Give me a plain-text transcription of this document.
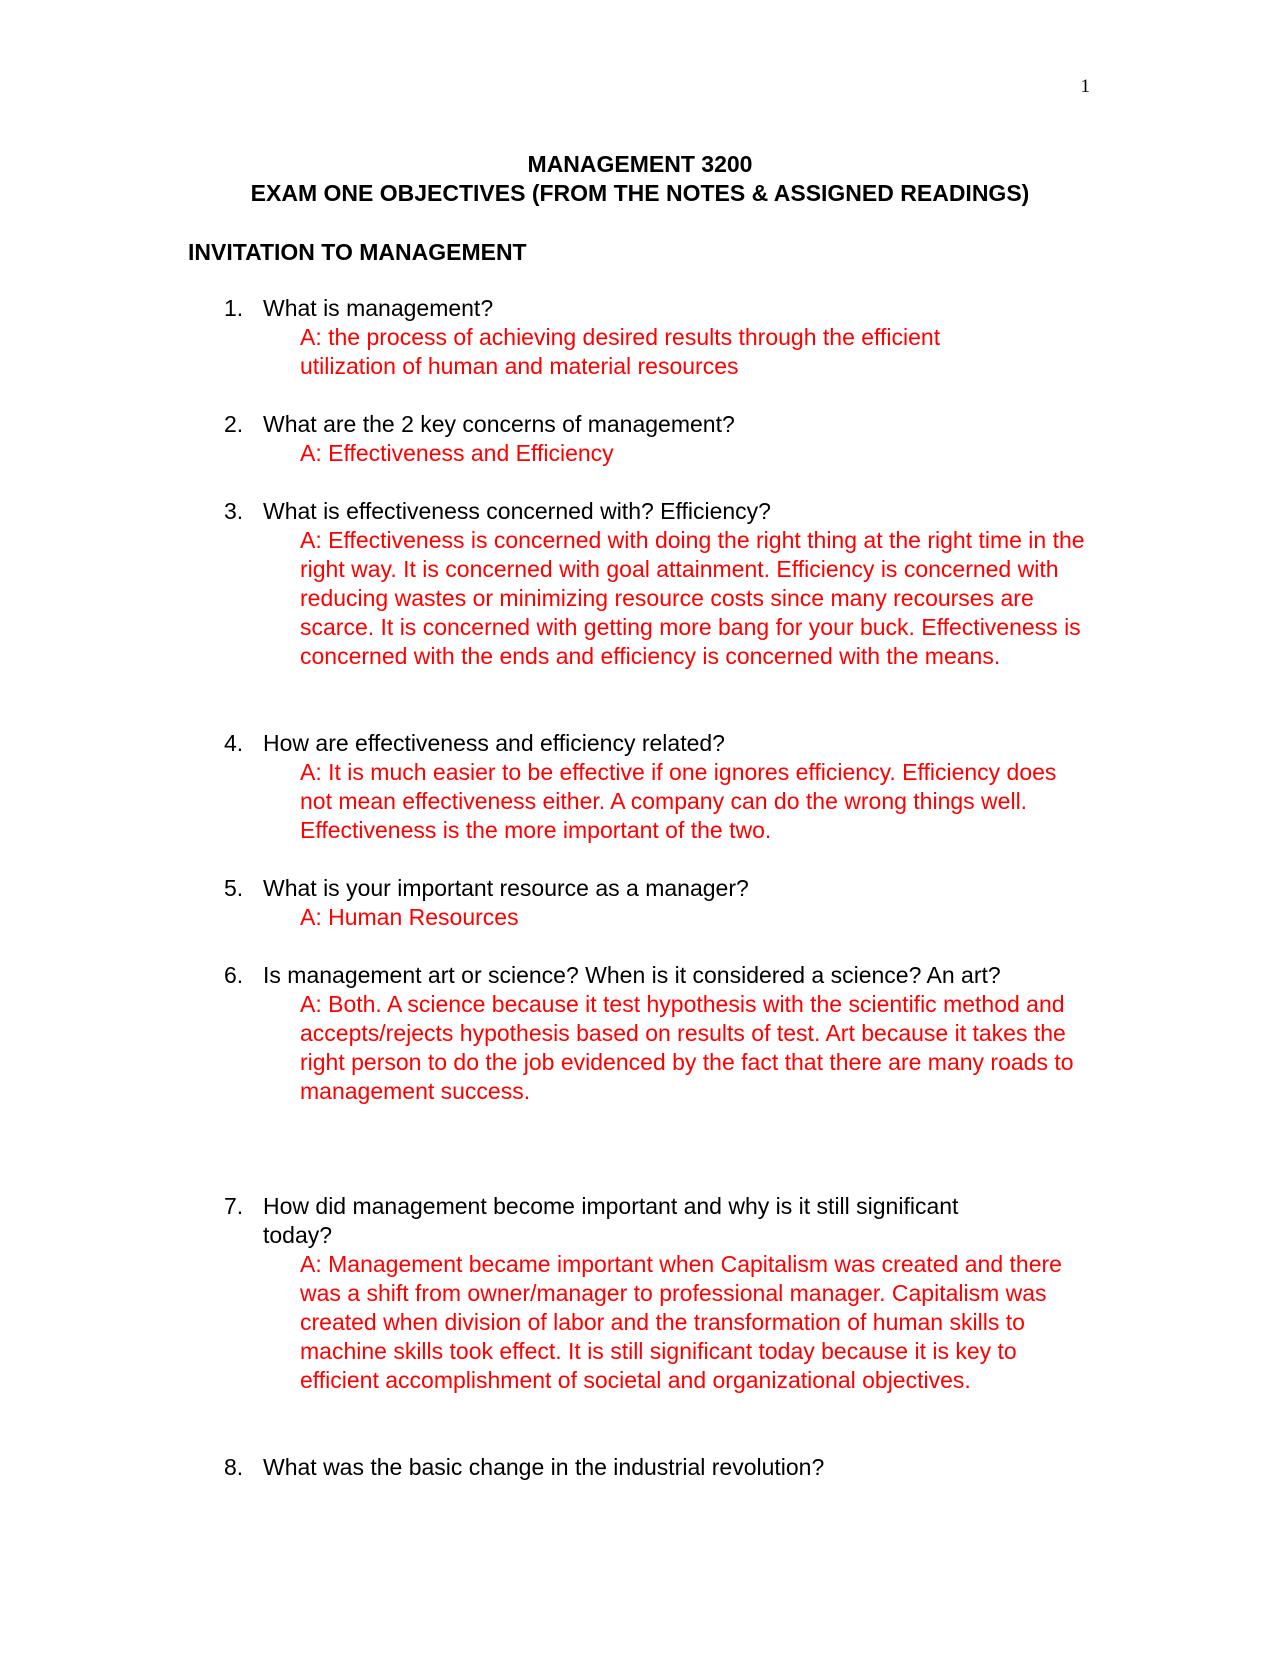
1
MANAGEMENT 3200
EXAM ONE OBJECTIVES (FROM THE NOTES & ASSIGNED READINGS)
INVITATION TO MANAGEMENT
1. What is management?
A: the process of achieving desired results through the efficient utilization of human and material resources
2. What are the 2 key concerns of management?
A: Effectiveness and Efficiency
3. What is effectiveness concerned with? Efficiency?
A: Effectiveness is concerned with doing the right thing at the right time in the right way. It is concerned with goal attainment. Efficiency is concerned with reducing wastes or minimizing resource costs since many recourses are scarce. It is concerned with getting more bang for your buck. Effectiveness is concerned with the ends and efficiency is concerned with the means.
4. How are effectiveness and efficiency related?
A: It is much easier to be effective if one ignores efficiency. Efficiency does not mean effectiveness either. A company can do the wrong things well. Effectiveness is the more important of the two.
5. What is your important resource as a manager?
A: Human Resources
6. Is management art or science? When is it considered a science? An art?
A: Both. A science because it test hypothesis with the scientific method and accepts/rejects hypothesis based on results of test. Art because it takes the right person to do the job evidenced by the fact that there are many roads to management success.
7. How did management become important and why is it still significant today?
A: Management became important when Capitalism was created and there was a shift from owner/manager to professional manager. Capitalism was created when division of labor and the transformation of human skills to machine skills took effect. It is still significant today because it is key to efficient accomplishment of societal and organizational objectives.
8. What was the basic change in the industrial revolution?
